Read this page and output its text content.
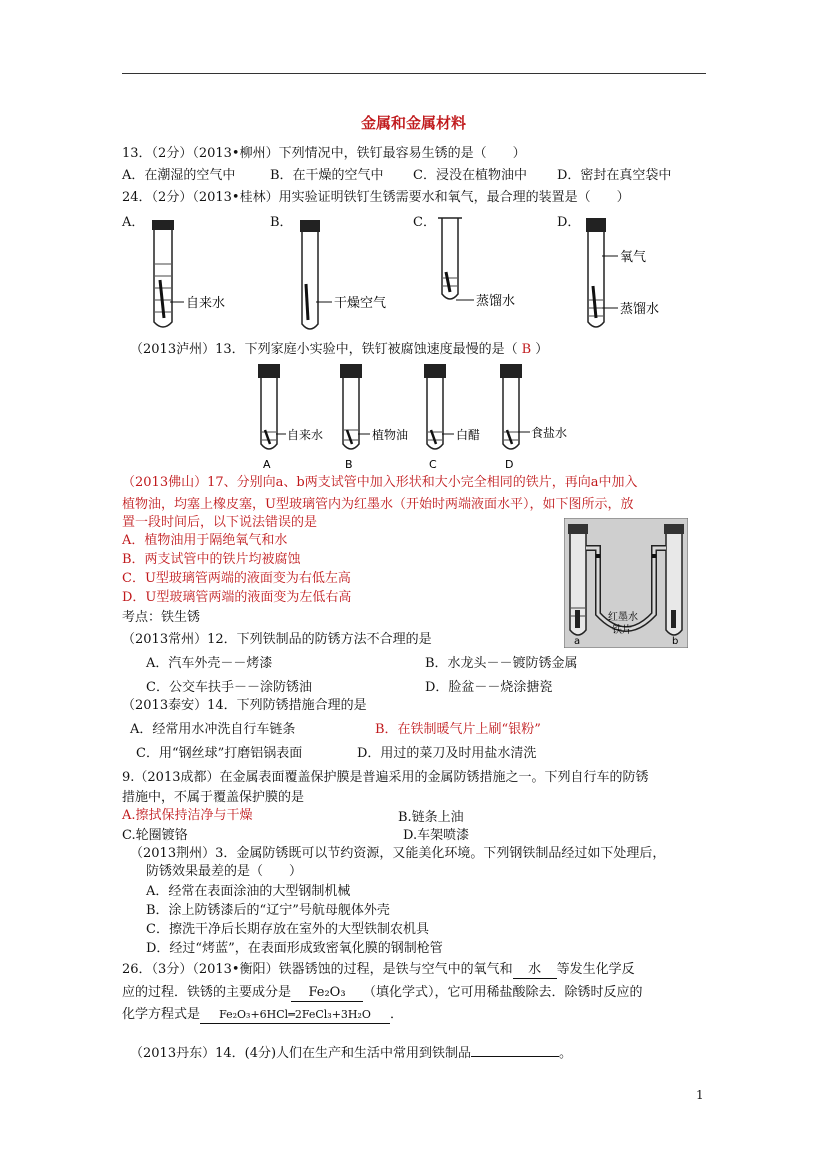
金属和金属材料
13．（2分）（2013•柳州）下列情况中，铁钉最容易生锈的是（　　）
A．在潮湿的空气中	B．在干燥的空气中 C．浸没在植物油中 D．密封在真空袋中
24．（2分）（2013•桂林）用实验证明铁钉生锈需要水和氧气，最合理的装置是（　　）
A．	B．	C．	D．
自来水	干燥空气	蒸馏水
氧气
蒸馏水
（2013泸州）13．下列家庭小实验中，铁钉被腐蚀速度最慢的是（ B ）
自来水
A
植物油
B
白醋
C
食盐水
D
（2013佛山）17、分别向a、b两支试管中加入形状和大小完全相同的铁片，再向a中加入
植物油，均塞上橡皮塞，U型玻璃管内为红墨水（开始时两端液面水平），如下图所示，放
置一段时间后，以下说法错误的是
A．植物油用于隔绝氧气和水
B．两支试管中的铁片均被腐蚀
C．U型玻璃管两端的液面变为右低左高
D．U型玻璃管两端的液面变为左低右高
考点：铁生锈	红墨水
铁片
a	b
（2013常州）12．下列铁制品的防锈方法不合理的是
A．汽车外壳－－烤漆	B．水龙头－－镀防锈金属
C．公交车扶手－－涂防锈油	D．脸盆－－烧涂搪瓷
（2013泰安）14．下列防锈措施合理的是
A．经常用水冲洗自行车链条	B．在铁制暖气片上刷“银粉”
C．用“钢丝球”打磨铝锅表面	D．用过的菜刀及时用盐水清洗
9.（2013成都）在金属表面覆盖保护膜是普遍采用的金属防锈措施之一。下列自行车的防锈
措施中，不属于覆盖保护膜的是
A.擦拭保持洁净与干燥	B.链条上油
C.轮圈镀铬	D.车架喷漆
（2013荆州）3．金属防锈既可以节约资源，又能美化环境。下列钢铁制品经过如下处理后，
防锈效果最差的是（　　）
A．经常在表面涂油的大型钢制机械
B．涂上防锈漆后的“辽宁”号航母舰体外壳
C．擦洗干净后长期存放在室外的大型铁制农机具
D．经过“烤蓝”，在表面形成致密氧化膜的钢制枪管
26．（3分）（2013•衡阳）铁器锈蚀的过程，是铁与空气中的氧气和 水 等发生化学反
应的过程．铁锈的主要成分是 Fe₂O₃ （填化学式），它可用稀盐酸除去．除锈时反应的
化学方程式是 Fe₂O₃+6HCl═2FeCl₃+3H₂O ．
（2013丹东）14．(4分)人们在生产和生活中常用到铁制品	。
1
